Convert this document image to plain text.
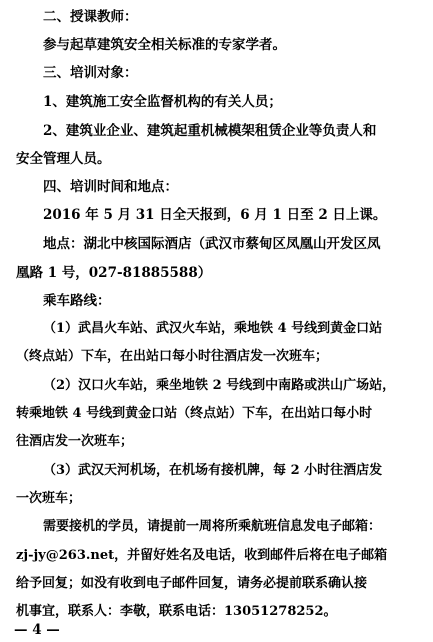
二、授课教师：
参与起草建筑安全相关标准的专家学者。
三、培训对象：
1、建筑施工安全监督机构的有关人员；
2、建筑业企业、建筑起重机械模架租赁企业等负责人和
安全管理人员。
四、培训时间和地点：
2016 年 5 月 31 日全天报到，6 月 1 日至 2 日上课。
地点：湖北中核国际酒店（武汉市蔡甸区凤凰山开发区凤
凰路 1 号，027-81885588）
乘车路线：
（1）武昌火车站、武汉火车站，乘地铁 4 号线到黄金口站
（终点站）下车，在出站口每小时往酒店发一次班车；
（2）汉口火车站，乘坐地铁 2 号线到中南路或洪山广场站，
转乘地铁 4 号线到黄金口站（终点站）下车，在出站口每小时
往酒店发一次班车；
（3）武汉天河机场，在机场有接机牌，每 2 小时往酒店发
一次班车；
需要接机的学员，请提前一周将所乘航班信息发电子邮箱：
zj-jy@263.net，并留好姓名及电话，收到邮件后将在电子邮箱
给予回复；如没有收到电子邮件回复，请务必提前联系确认接
机事宜，联系人：李敬，联系电话：13051278252。
— 4 —
